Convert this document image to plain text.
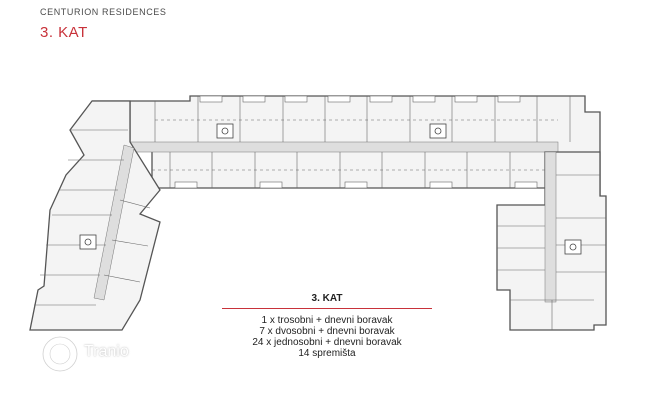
CENTURION RESIDENCES
3. KAT
3. KAT
1 x trosobni + dnevni boravak
7 x dvosobni + dnevni boravak
24 x jednosobni + dnevni boravak
14 spremišta
Tranio
